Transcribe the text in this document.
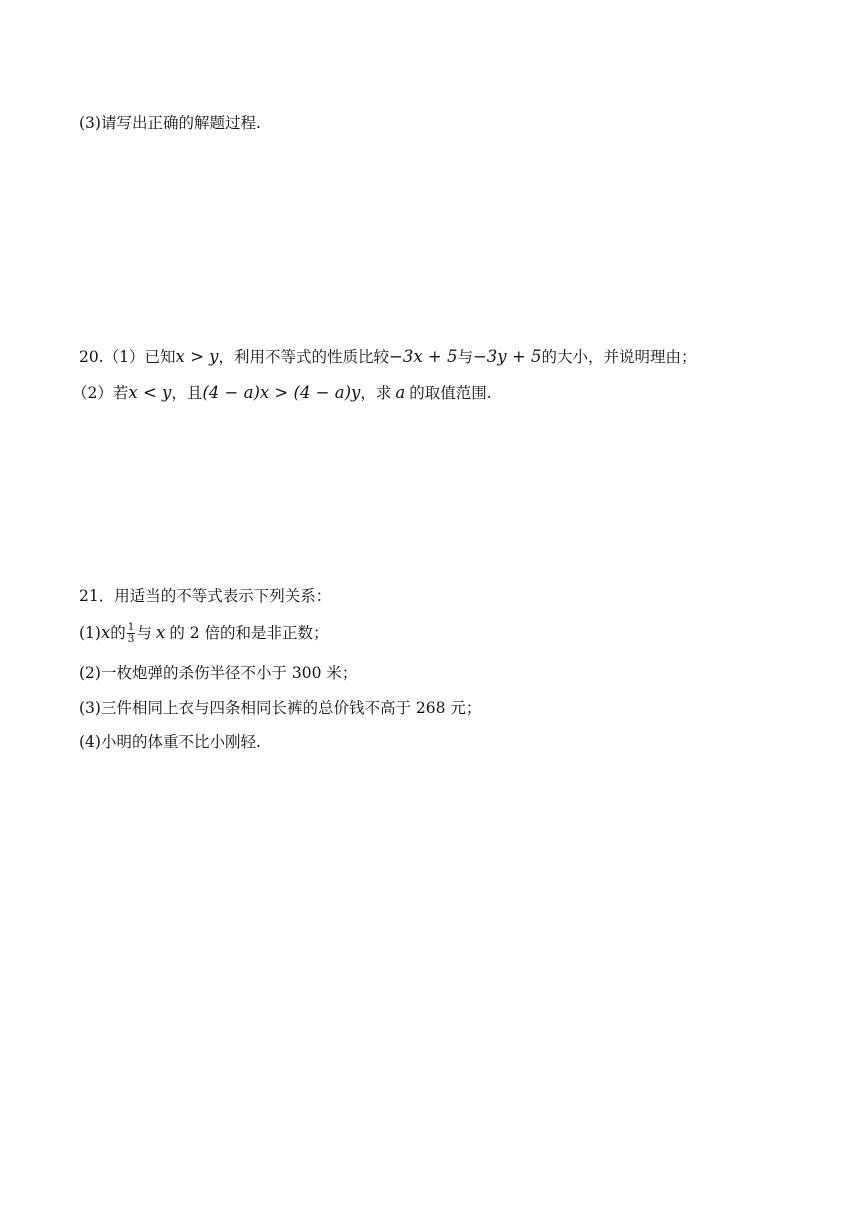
(3)请写出正确的解题过程.
20.（1）已知x > y，利用不等式的性质比较−3x + 5与−3y + 5的大小，并说明理由；
（2）若x < y，且(4 − a)x > (4 − a)y，求 a 的取值范围.
21．用适当的不等式表示下列关系：
(1)x的 $\frac{1}{3}$ 与 x 的 2 倍的和是非正数；
(2)一枚炮弹的杀伤半径不小于 300 米；
(3)三件相同上衣与四条相同长裤的总价钱不高于 268 元；
(4)小明的体重不比小刚轻.
